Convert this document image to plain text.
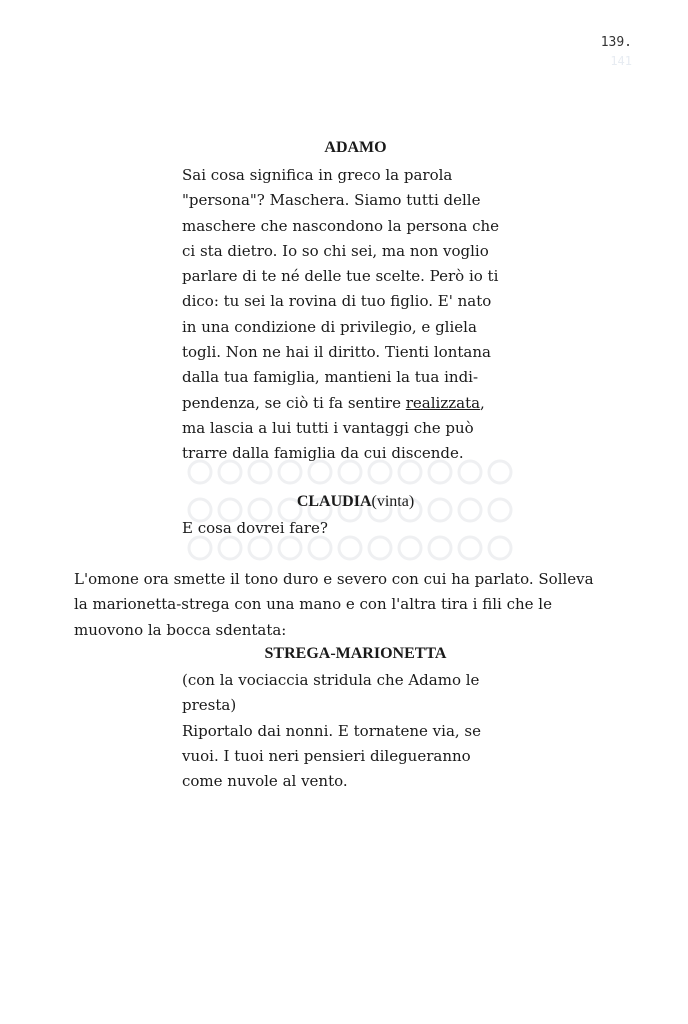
139.
141
ADAMO
Sai cosa significa in greco la parola
"persona"? Maschera. Siamo tutti delle
maschere che nascondono la persona che
ci sta dietro. Io so chi sei, ma non voglio
parlare di te né delle tue scelte. Però io ti
dico: tu sei la rovina di tuo figlio. E' nato
in una condizione di privilegio, e gliela
togli. Non ne hai il diritto. Tienti lontana
dalla tua famiglia, mantieni la tua indi-
pendenza, se ciò ti fa sentire realizzata,
ma lascia a lui tutti i vantaggi che può
trarre dalla famiglia da cui discende.
CLAUDIA(vinta)
E cosa dovrei fare?
L'omone ora smette il tono duro e severo con cui ha parlato. Solleva
la marionetta-strega con una mano e con l'altra tira i fili che le
muovono la bocca sdentata:
STREGA-MARIONETTA
(con la vociaccia stridula che Adamo le
presta)
Riportalo dai nonni. E tornatene via, se
vuoi. I tuoi neri pensieri dilegueranno
come nuvole al vento.
